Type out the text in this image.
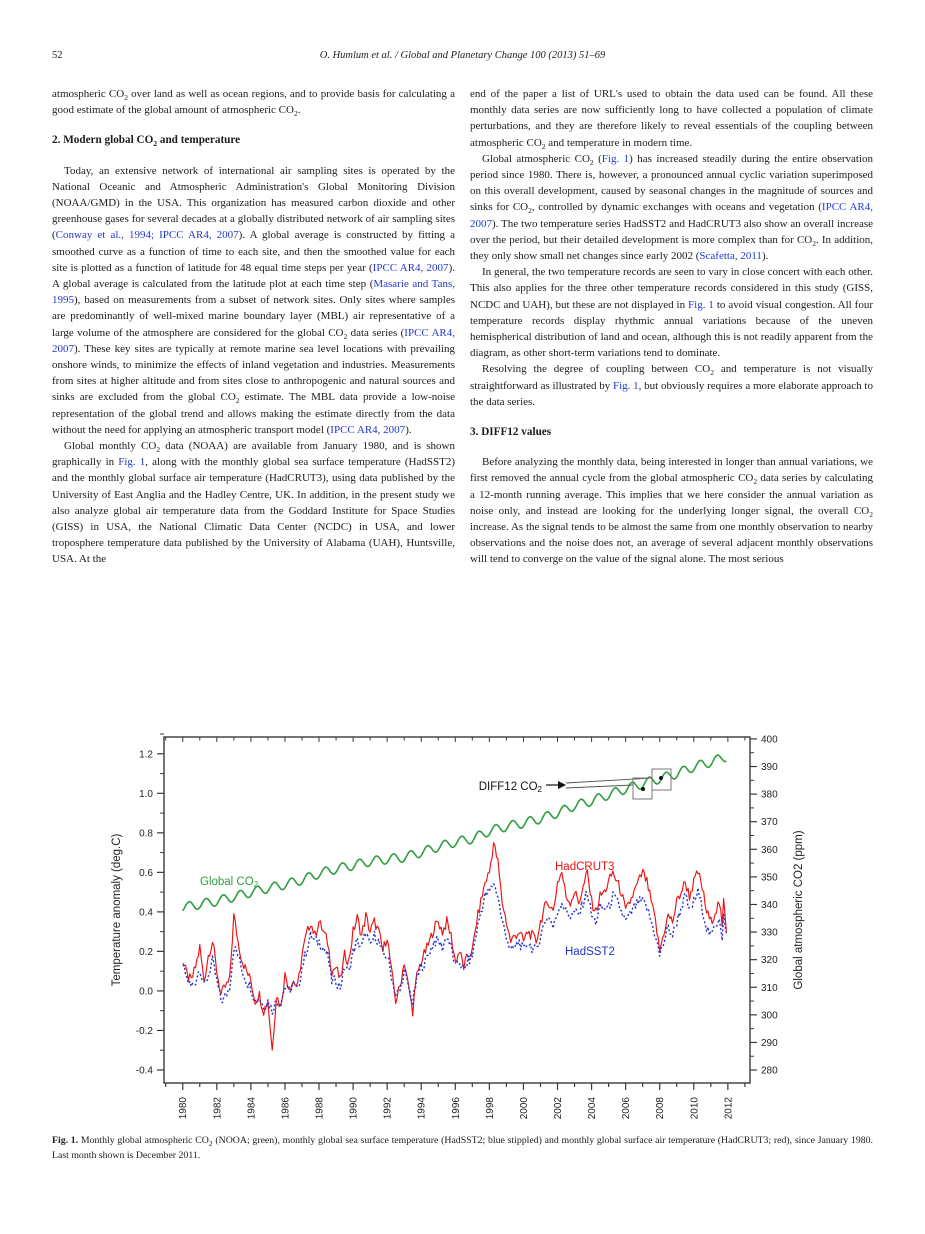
52	O. Humlum et al. / Global and Planetary Change 100 (2013) 51–69
atmospheric $CO_2$ over land as well as ocean regions, and to provide basis for calculating a good estimate of the global amount of atmospheric $CO_2$.
2. Modern global $CO_2$ and temperature
Today, an extensive network of international air sampling sites is operated by the National Oceanic and Atmospheric Administration's Global Monitoring Division (NOAA/GMD) in the USA. This organization has measured carbon dioxide and other greenhouse gases for several decades at a globally distributed network of air sampling sites (Conway et al., 1994; IPCC AR4, 2007). A global average is constructed by fitting a smoothed curve as a function of time to each site, and then the smoothed value for each site is plotted as a function of latitude for 48 equal time steps per year (IPCC AR4, 2007). A global average is calculated from the latitude plot at each time step (Masarie and Tans, 1995), based on measurements from a subset of network sites. Only sites where samples are predominantly of well-mixed marine boundary layer (MBL) air representative of a large volume of the atmosphere are considered for the global $CO_2$ data series (IPCC AR4, 2007). These key sites are typically at remote marine sea level locations with prevailing onshore winds, to minimize the effects of inland vegetation and industries. Measurements from sites at higher altitude and from sites close to anthropogenic and natural sources and sinks are excluded from the global $CO_2$ estimate. The MBL data provide a low-noise representation of the global trend and allows making the estimate directly from the data without the need for applying an atmospheric transport model (IPCC AR4, 2007).
Global monthly $CO_2$ data (NOAA) are available from January 1980, and is shown graphically in Fig. 1, along with the monthly global sea surface temperature (HadSST2) and the monthly global surface air temperature (HadCRUT3), using data published by the University of East Anglia and the Hadley Centre, UK. In addition, in the present study we also analyze global air temperature data from the Goddard Institute for Space Studies (GISS) in USA, the National Climatic Data Center (NCDC) in USA, and lower troposphere temperature data published by the University of Alabama (UAH), Huntsville, USA. At the
end of the paper a list of URL's used to obtain the data used can be found. All these monthly data series are now sufficiently long to have collected a population of climate perturbations, and they are therefore likely to reveal essentials of the coupling between atmospheric $CO_2$ and temperature in modern time.
Global atmospheric $CO_2$ (Fig. 1) has increased steadily during the entire observation period since 1980. There is, however, a pronounced annual cyclic variation superimposed on this overall development, caused by seasonal changes in the magnitude of sources and sinks for $CO_2$, controlled by dynamic exchanges with oceans and vegetation (IPCC AR4, 2007). The two temperature series HadSST2 and HadCRUT3 also show an overall increase over the period, but their detailed development is more complex than for $CO_2$. In addition, they only show small net changes since early 2002 (Scafetta, 2011).
In general, the two temperature records are seen to vary in close concert with each other. This also applies for the three other temperature records considered in this study (GISS, NCDC and UAH), but these are not displayed in Fig. 1 to avoid visual congestion. All four temperature records display rhythmic annual variations because of the uneven hemispherical distribution of land and ocean, although this is not readily apparent from the diagram, as other short-term variations tend to dominate.
Resolving the degree of coupling between $CO_2$ and temperature is not visually straightforward as illustrated by Fig. 1, but obviously requires a more elaborate approach to the data series.
3. DIFF12 values
Before analyzing the monthly data, being interested in longer than annual variations, we first removed the annual cycle from the global atmospheric $CO_2$ data series by calculating a 12-month running average. This implies that we here consider the annual variation as noise only, and instead are looking for the underlying longer signal, the overall $CO_2$ increase. As the signal tends to be almost the same from one monthly observation to nearby observations and the noise does not, an average of several adjacent monthly observations will tend to converge on the value of the signal alone. The most serious
1980 1982 1984 1986 1988 1990 1992 1994 1996 1998 2000 2002 2004 2006 2008 2010 2012
-0.4
-0.2
0.0
0.2
0.4
0.6
0.8
1.0
1.2
Temperature anomaly (deg.C)
280
290
300
310
320
330
340
350
360
370
380
390
400
Global atmospheric CO2 (ppm)
Global CO2
HadCRUT3
HadSST2
DIFF12 CO2
Fig. 1. Monthly global atmospheric $CO_2$ (NOOA; green), monthly global sea surface temperature (HadSST2; blue stippled) and monthly global surface air temperature (HadCRUT3; red), since January 1980. Last month shown is December 2011.
